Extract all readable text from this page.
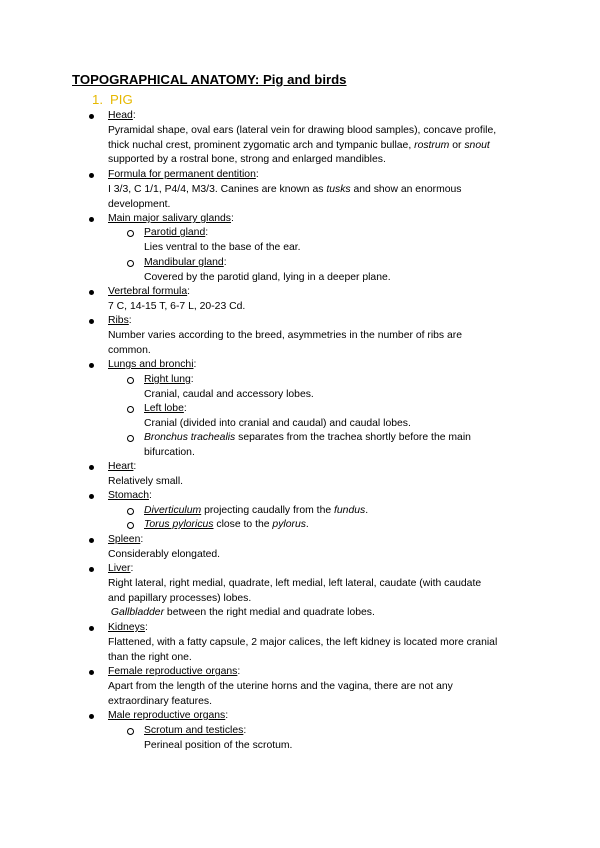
TOPOGRAPHICAL ANATOMY: Pig and birds
1. PIG
Head:
Pyramidal shape, oval ears (lateral vein for drawing blood samples), concave profile,
thick nuchal crest, prominent zygomatic arch and tympanic bullae, rostrum or snout
supported by a rostral bone, strong and enlarged mandibles.
Formula for permanent dentition:
I 3/3, C 1/1, P4/4, M3/3. Canines are known as tusks and show an enormous
development.
Main major salivary glands:
Parotid gland:
Lies ventral to the base of the ear.
Mandibular gland:
Covered by the parotid gland, lying in a deeper plane.
Vertebral formula:
7 C, 14-15 T, 6-7 L, 20-23 Cd.
Ribs:
Number varies according to the breed, asymmetries in the number of ribs are
common.
Lungs and bronchi:
Right lung:
Cranial, caudal and accessory lobes.
Left lobe:
Cranial (divided into cranial and caudal) and caudal lobes.
Bronchus trachealis separates from the trachea shortly before the main
bifurcation.
Heart:
Relatively small.
Stomach:
Diverticulum projecting caudally from the fundus.
Torus pyloricus close to the pylorus.
Spleen:
Considerably elongated.
Liver:
Right lateral, right medial, quadrate, left medial, left lateral, caudate (with caudate
and papillary processes) lobes.
Gallbladder between the right medial and quadrate lobes.
Kidneys:
Flattened, with a fatty capsule, 2 major calices, the left kidney is located more cranial
than the right one.
Female reproductive organs:
Apart from the length of the uterine horns and the vagina, there are not any
extraordinary features.
Male reproductive organs:
Scrotum and testicles:
Perineal position of the scrotum.
